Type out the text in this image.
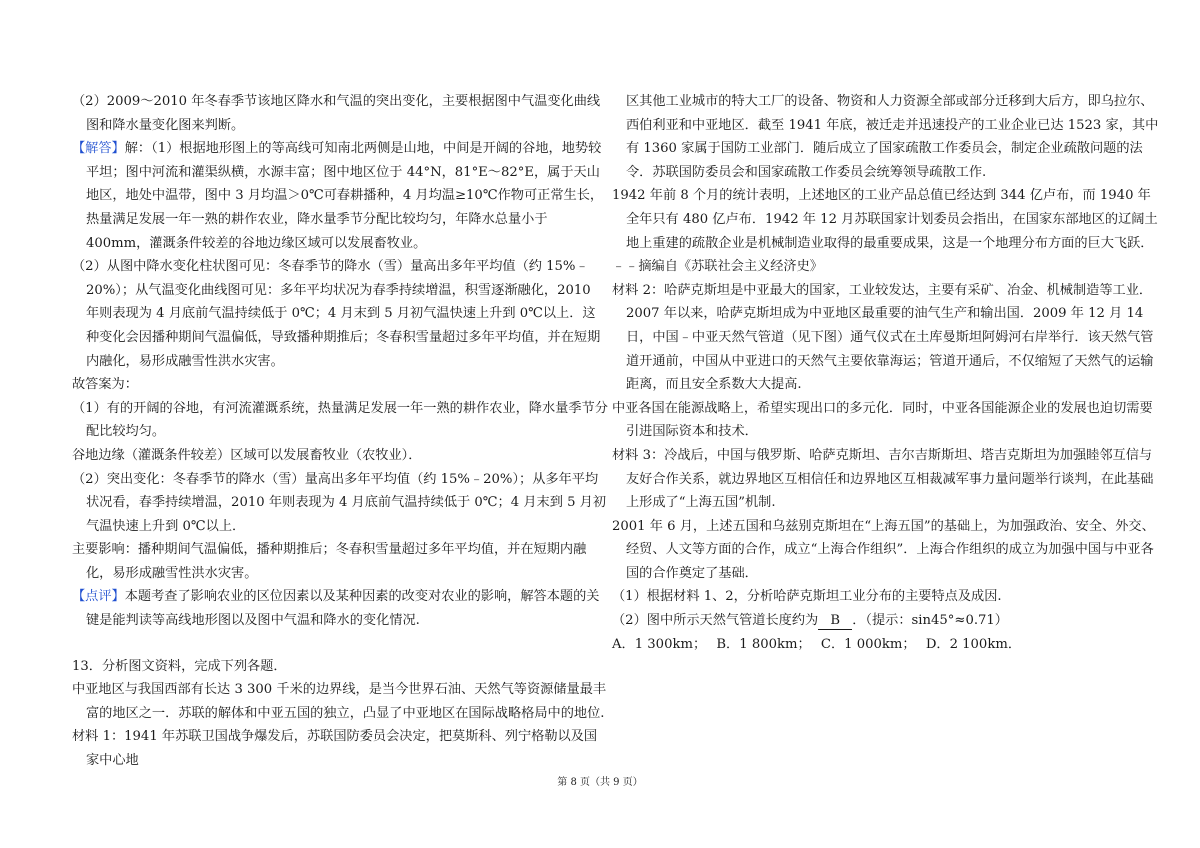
（2）2009～2010 年冬春季节该地区降水和气温的突出变化，主要根据图中气温变化曲线图和降水量变化图来判断。

【解答】解：（1）根据地形图上的等高线可知南北两侧是山地，中间是开阔的谷地，地势较平坦；图中河流和灌渠纵横，水源丰富；图中地区位于 44°N，81°E～82°E，属于天山地区，地处中温带，图中 3 月均温＞0℃可春耕播种，4 月均温≥10℃作物可正常生长，热量满足发展一年一熟的耕作农业，降水量季节分配比较均匀，年降水总量小于 400mm，灌溉条件较差的谷地边缘区域可以发展畜牧业。

（2）从图中降水变化柱状图可见：冬春季节的降水（雪）量高出多年平均值（约 15%﹣20%）；从气温变化曲线图可见：多年平均状况为春季持续增温，积雪逐渐融化，2010 年则表现为 4 月底前气温持续低于 0℃；4 月末到 5 月初气温快速上升到 0℃以上．这种变化会因播种期间气温偏低，导致播种期推后；冬春积雪量超过多年平均值，并在短期内融化，易形成融雪性洪水灾害。

故答案为：

（1）有的开阔的谷地，有河流灌溉系统，热量满足发展一年一熟的耕作农业，降水量季节分配比较均匀。

谷地边缘（灌溉条件较差）区域可以发展畜牧业（农牧业）．

（2）突出变化：冬春季节的降水（雪）量高出多年平均值（约 15%﹣20%）；从多年平均状况看，春季持续增温，2010 年则表现为 4 月底前气温持续低于 0℃；4 月末到 5 月初气温快速上升到 0℃以上．

主要影响：播种期间气温偏低，播种期推后；冬春积雪量超过多年平均值，并在短期内融化，易形成融雪性洪水灾害。

【点评】本题考查了影响农业的区位因素以及某种因素的改变对农业的影响，解答本题的关键是能判读等高线地形图以及图中气温和降水的变化情况.

13．分析图文资料，完成下列各题．

中亚地区与我国西部有长达 3 300 千米的边界线，是当今世界石油、天然气等资源储量最丰富的地区之一．苏联的解体和中亚五国的独立，凸显了中亚地区在国际战略格局中的地位.

材料 1：1941 年苏联卫国战争爆发后，苏联国防委员会决定，把莫斯科、列宁格勒以及国家中心地

区其他工业城市的特大工厂的设备、物资和人力资源全部或部分迁移到大后方，即乌拉尔、西伯利亚和中亚地区．截至 1941 年底，被迁走并迅速投产的工业企业已达 1523 家，其中有 1360 家属于国防工业部门．随后成立了国家疏散工作委员会，制定企业疏散问题的法令．苏联国防委员会和国家疏散工作委员会统筹领导疏散工作.

1942 年前 8 个月的统计表明，上述地区的工业产品总值已经达到 344 亿卢布，而 1940 年全年只有 480 亿卢布．1942 年 12 月苏联国家计划委员会指出，在国家东部地区的辽阔土地上重建的疏散企业是机械制造业取得的最重要成果，这是一个地理分布方面的巨大飞跃．

﹣﹣摘编自《苏联社会主义经济史》

材料 2：哈萨克斯坦是中亚最大的国家，工业较发达，主要有采矿、冶金、机械制造等工业．2007 年以来，哈萨克斯坦成为中亚地区最重要的油气生产和输出国．2009 年 12 月 14 日，中国﹣中亚天然气管道（见下图）通气仪式在土库曼斯坦阿姆河右岸举行．该天然气管道开通前，中国从中亚进口的天然气主要依靠海运；管道开通后，不仅缩短了天然气的运输距离，而且安全系数大大提高.

中亚各国在能源战略上，希望实现出口的多元化．同时，中亚各国能源企业的发展也迫切需要引进国际资本和技术．

材料 3：冷战后，中国与俄罗斯、哈萨克斯坦、吉尔吉斯斯坦、塔吉克斯坦为加强睦邻互信与友好合作关系，就边界地区互相信任和边界地区互相裁减军事力量问题举行谈判，在此基础上形成了“上海五国”机制.

2001 年 6 月，上述五国和乌兹别克斯坦在“上海五国”的基础上，为加强政治、安全、外交、经贸、人文等方面的合作，成立“上海合作组织”．上海合作组织的成立为加强中国与中亚各国的合作奠定了基础．

（1）根据材料 1、2，分析哈萨克斯坦工业分布的主要特点及成因.

（2）图中所示天然气管道长度约为 B ．（提示：sin45°≈0.71）

A．1 300km； B．1 800km； C．1 000km； D．2 100km．

第 8 页（共 9 页）
